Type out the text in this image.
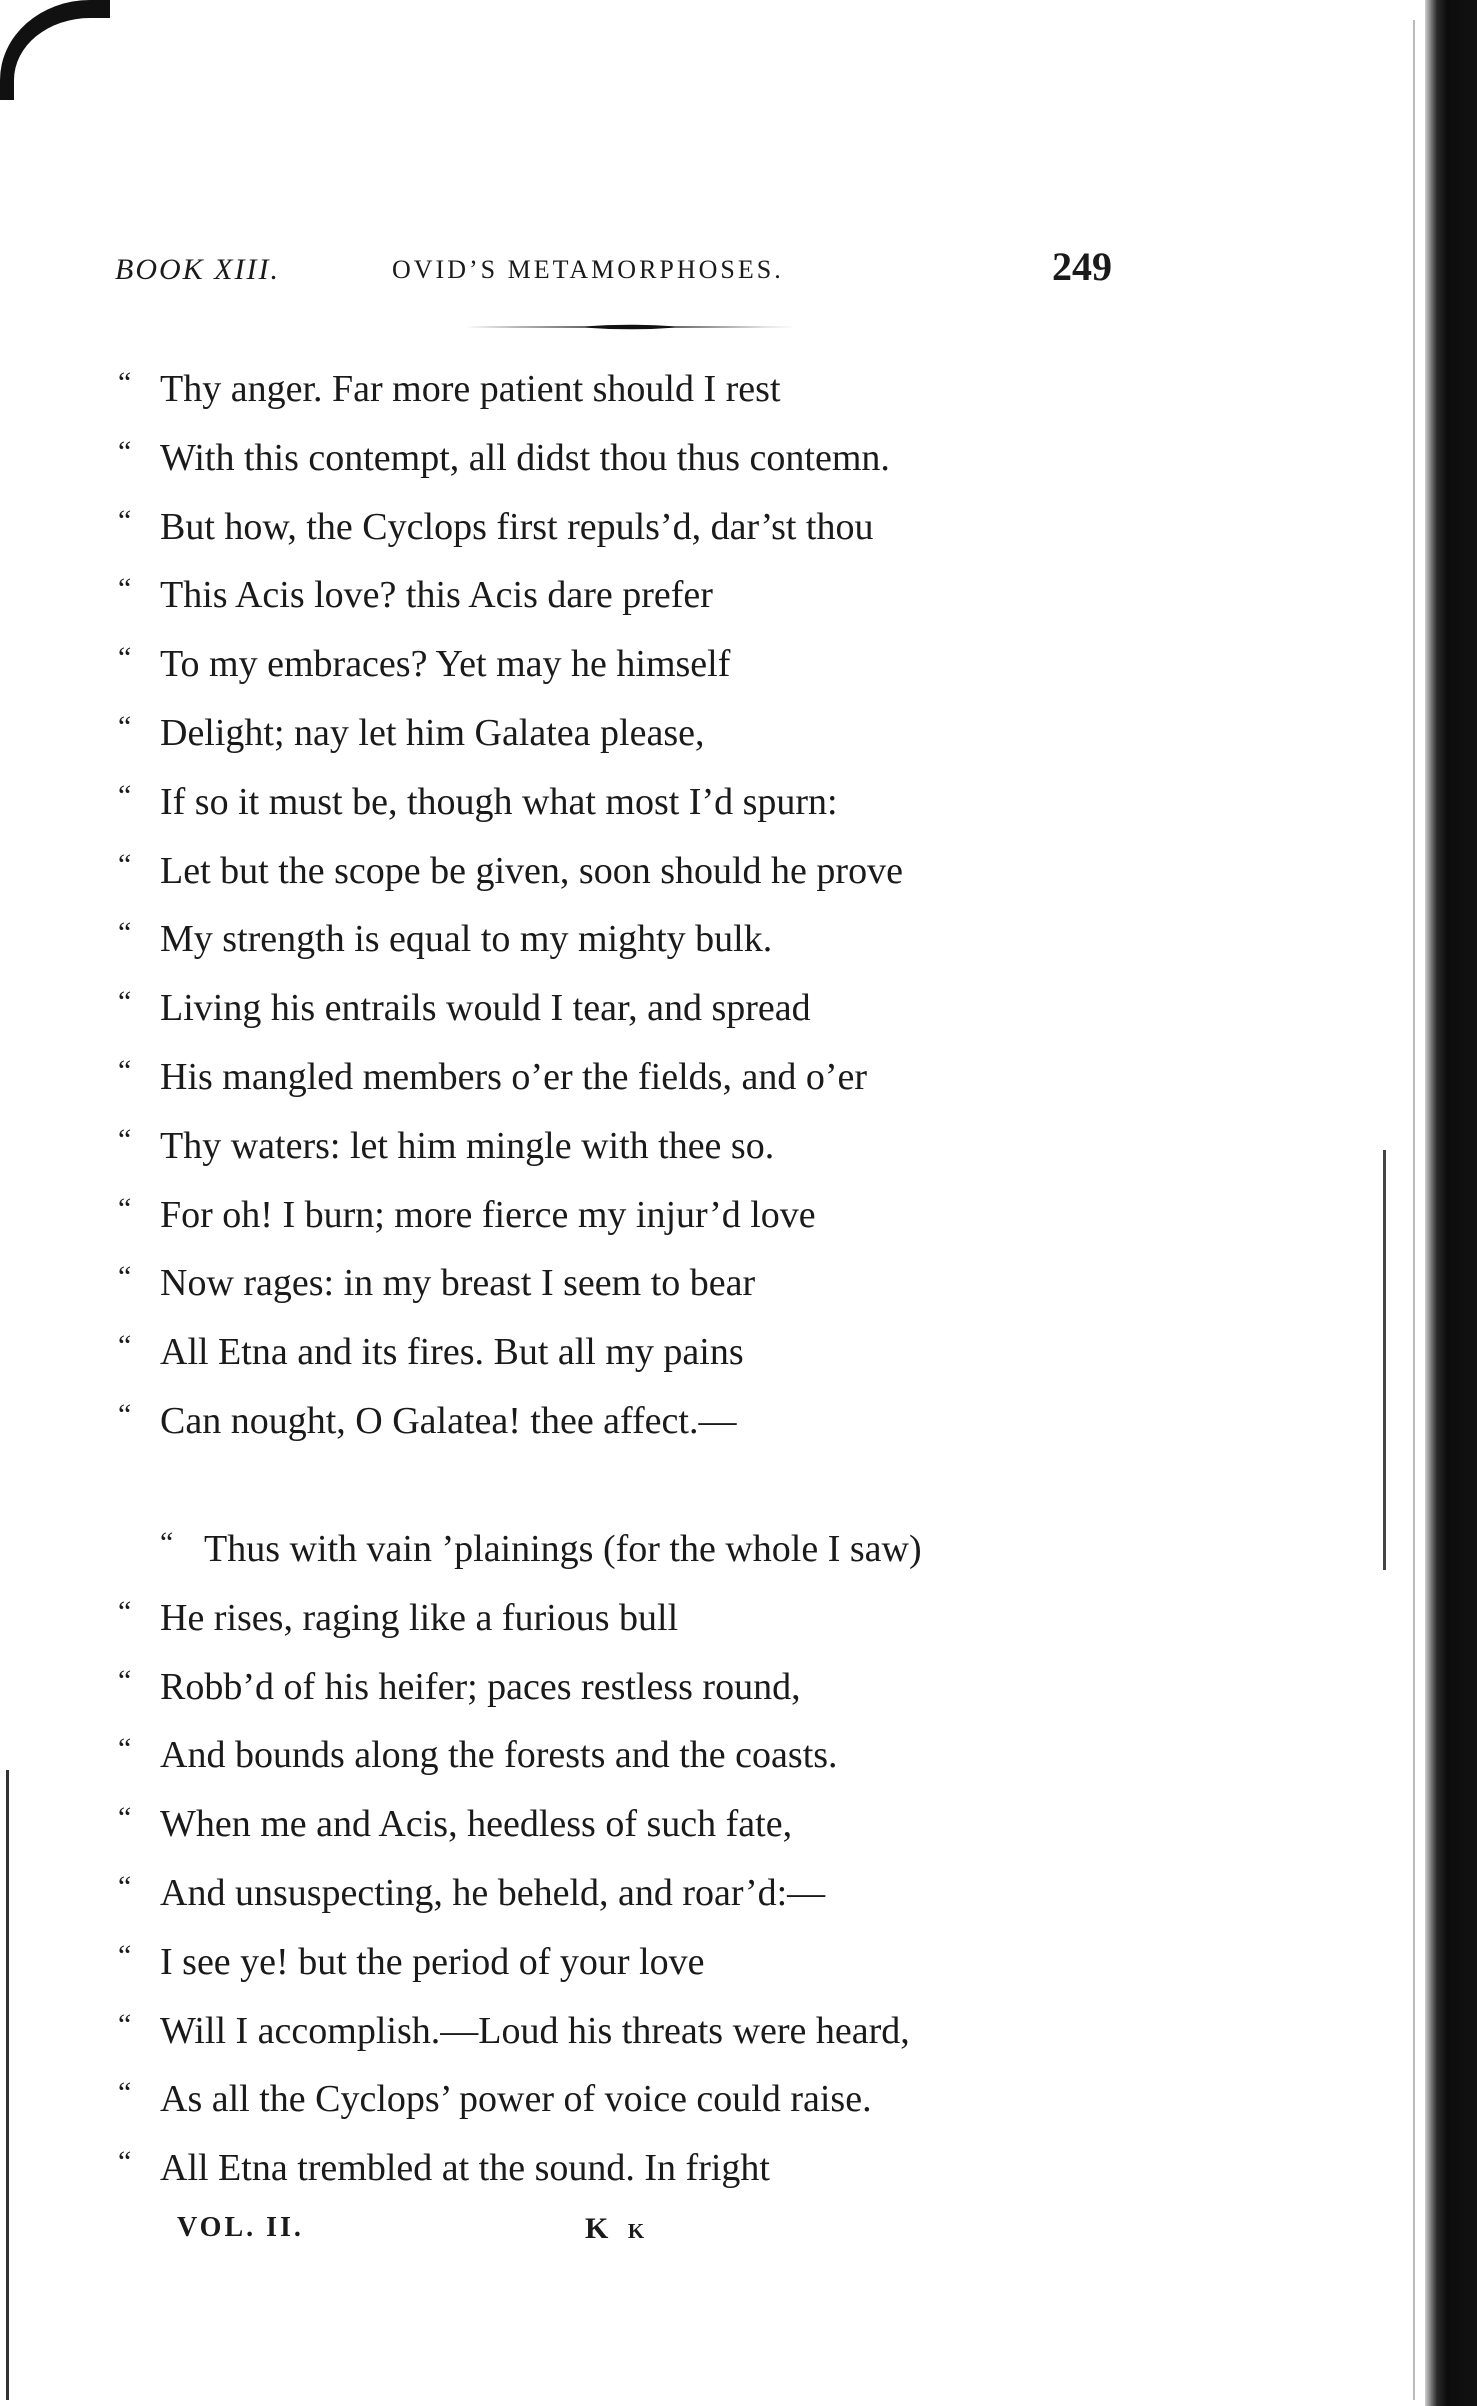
BOOK XIII.	OVID’S METAMORPHOSES.	249
“ Thy anger. Far more patient should I rest
“ With this contempt, all didst thou thus contemn.
“ But how, the Cyclops first repuls’d, dar’st thou
“ This Acis love? this Acis dare prefer
“ To my embraces? Yet may he himself
“ Delight; nay let him Galatea please,
“ If so it must be, though what most I’d spurn:
“ Let but the scope be given, soon should he prove
“ My strength is equal to my mighty bulk.
“ Living his entrails would I tear, and spread
“ His mangled members o’er the fields, and o’er
“ Thy waters: let him mingle with thee so.
“ For oh! I burn; more fierce my injur’d love
“ Now rages: in my breast I seem to bear
“ All Etna and its fires. But all my pains
“ Can nought, O Galatea! thee affect.—
“ Thus with vain ’plainings (for the whole I saw)
“ He rises, raging like a furious bull
“ Robb’d of his heifer; paces restless round,
“ And bounds along the forests and the coasts.
“ When me and Acis, heedless of such fate,
“ And unsuspecting, he beheld, and roar’d:—
“ I see ye! but the period of your love
“ Will I accomplish.—Loud his threats were heard,
“ As all the Cyclops’ power of voice could raise.
“ All Etna trembled at the sound. In fright
VOL. II.	K k
